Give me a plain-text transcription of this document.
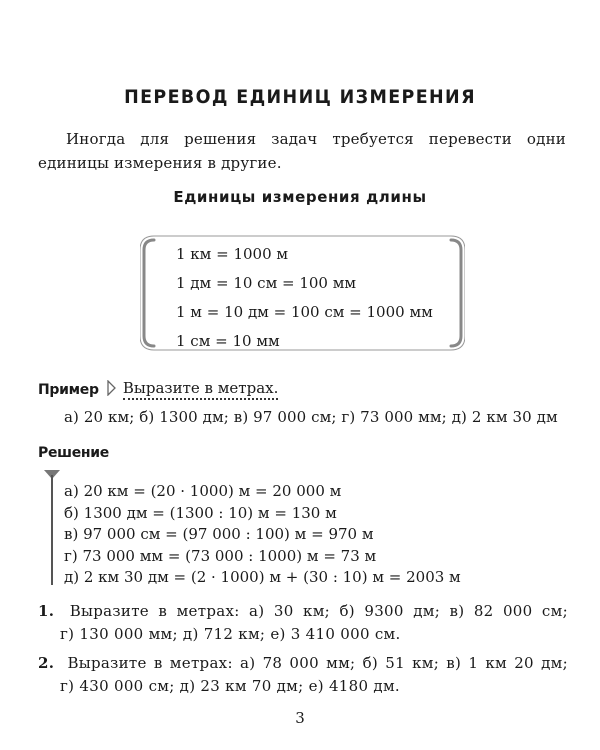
ПЕРЕВОД ЕДИНИЦ ИЗМЕРЕНИЯ
Иногда для решения задач требуется перевести одни единицы измерения в другие.
Единицы измерения длины
1 км = 1000 м
1 дм = 10 см = 100 мм
1 м = 10 дм = 100 см = 1000 мм
1 см = 10 мм
Пример Выразите в метрах.
а) 20 км; б) 1300 дм; в) 97 000 см; г) 73 000 мм; д) 2 км 30 дм
Решение
а) 20 км = (20 · 1000) м = 20 000 м
б) 1300 дм = (1300 : 10) м = 130 м
в) 97 000 см = (97 000 : 100) м = 970 м
г) 73 000 мм = (73 000 : 1000) м = 73 м
д) 2 км 30 дм = (2 · 1000) м + (30 : 10) м = 2003 м
1. Выразите в метрах: а) 30 км; б) 9300 дм; в) 82 000 см;
г) 130 000 мм; д) 712 км; е) 3 410 000 см.
2. Выразите в метрах: а) 78 000 мм; б) 51 км; в) 1 км 20 дм;
г) 430 000 см; д) 23 км 70 дм; е) 4180 дм.
3
